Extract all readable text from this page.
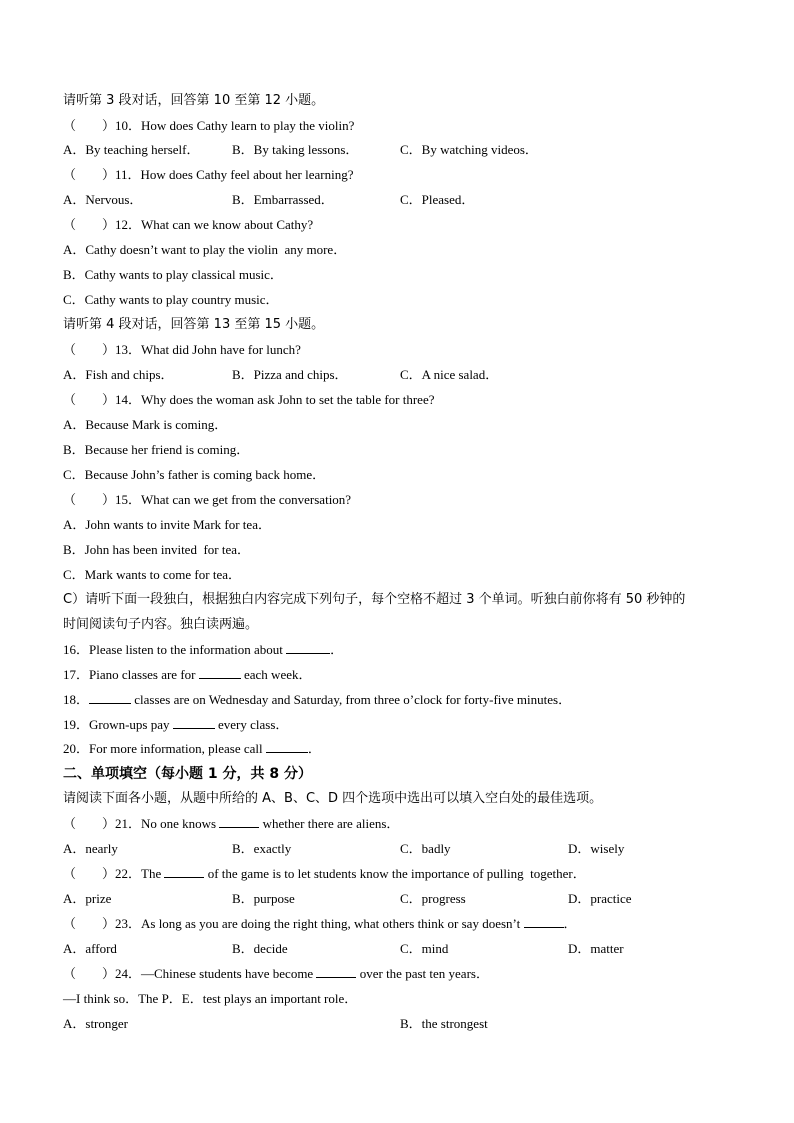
请听第 3 段对话，回答第 10 至第 12 小题。
（　　）10．How does Cathy learn to play the violin?
A．By teaching herself．	B．By taking lessons．	C．By watching videos．
（　　）11．How does Cathy feel about her learning?
A．Nervous．	B．Embarrassed．	C．Pleased．
（　　）12．What can we know about Cathy?
A．Cathy doesn’t want to play the violin  any more．
B．Cathy wants to play classical music．
C．Cathy wants to play country music．
请听第 4 段对话，回答第 13 至第 15 小题。
（　　）13．What did John have for lunch?
A．Fish and chips．	B．Pizza and chips．	C．A nice salad．
（　　）14．Why does the woman ask John to set the table for three?
A．Because Mark is coming．
B．Because her friend is coming．
C．Because John’s father is coming back home．
（　　）15．What can we get from the conversation?
A．John wants to invite Mark for tea．
B．John has been invited  for tea．
C．Mark wants to come for tea．
C）请听下面一段独白，根据独白内容完成下列句子，每个空格不超过 3 个单词。听独白前你将有 50 秒钟的
时间阅读句子内容。独白读两遍。
16．Please listen to the information about	．
17．Piano classes are for	each week．
18．	classes are on Wednesday and Saturday, from three o’clock for forty-five minutes．
19．Grown-ups pay	every class．
20．For more information, please call	．
二、单项填空（每小题 1 分，共 8 分）
请阅读下面各小题，从题中所给的 A、B、C、D 四个选项中选出可以填入空白处的最佳选项。
（　　）21．No one knows	whether there are aliens．
A．nearly	B．exactly	C．badly	D．wisely
（　　）22．The	of the game is to let students know the importance of pulling  together．
A．prize	B．purpose	C．progress	D．practice
（　　）23．As long as you are doing the right thing, what others think or say doesn’t	．
A．afford	B．decide	C．mind	D．matter
（　　）24．—Chinese students have become	over the past ten years．
—I think so．The P．E．test plays an important role．
A．stronger	B．the strongest
